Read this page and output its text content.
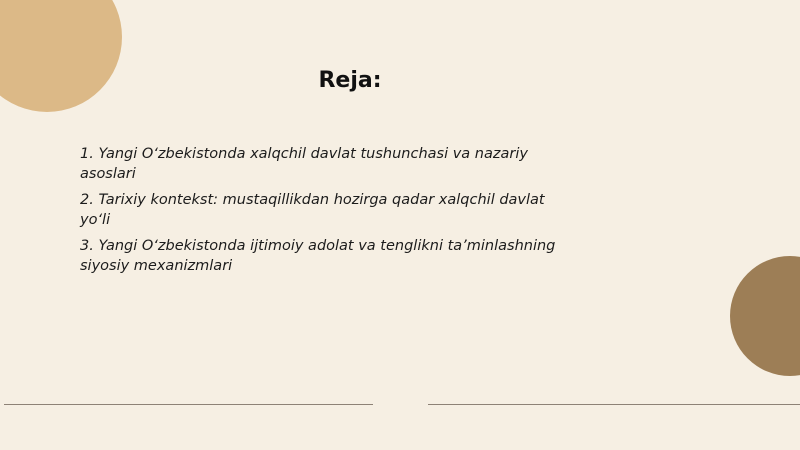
Reja:
1. Yangi O‘zbekistonda xalqchil davlat tushunchasi va nazariy asoslari
2. Tarixiy kontekst: mustaqillikdan hozirga qadar xalqchil davlat yo‘li
3. Yangi O‘zbekistonda ijtimoiy adolat va tenglikni ta’minlashning siyosiy mexanizmlari
